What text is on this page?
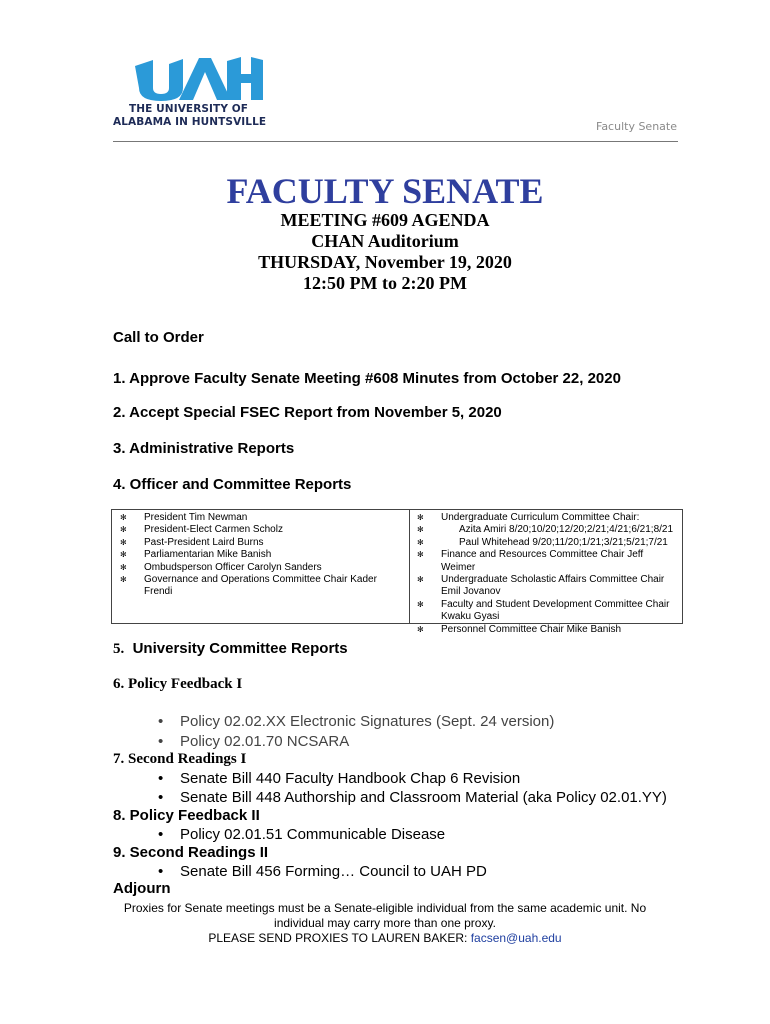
THE UNIVERSITY OF
ALABAMA IN HUNTSVILLE	Faculty Senate
FACULTY SENATE
MEETING #609 AGENDA
CHAN Auditorium
THURSDAY, November 19, 2020
12:50 PM to 2:20 PM
Call to Order
1. Approve Faculty Senate Meeting #608 Minutes from October 22, 2020
2. Accept Special FSEC Report from November 5, 2020
3. Administrative Reports
4. Officer and Committee Reports
✻ President Tim Newman
✻ President-Elect Carmen Scholz
✻ Past-President Laird Burns
✻ Parliamentarian Mike Banish
✻ Ombudsperson Officer Carolyn Sanders
✻ Governance and Operations Committee Chair Kader Frendi
✻ Undergraduate Curriculum Committee Chair:
✻	Azita Amiri 8/20;10/20;12/20;2/21;4/21;6/21;8/21
✻	Paul Whitehead 9/20;11/20;1/21;3/21;5/21;7/21
✻ Finance and Resources Committee Chair Jeff Weimer
✻ Undergraduate Scholastic Affairs Committee Chair Emil Jovanov
✻ Faculty and Student Development Committee Chair Kwaku Gyasi
✻ Personnel Committee Chair Mike Banish
5. University Committee Reports
6. Policy Feedback I
• Policy 02.02.XX Electronic Signatures (Sept. 24 version)
• Policy 02.01.70 NCSARA
7. Second Readings I
• Senate Bill 440 Faculty Handbook Chap 6 Revision
• Senate Bill 448 Authorship and Classroom Material (aka Policy 02.01.YY)
8. Policy Feedback II
• Policy 02.01.51 Communicable Disease
9. Second Readings II
• Senate Bill 456 Forming… Council to UAH PD
Adjourn
Proxies for Senate meetings must be a Senate-eligible individual from the same academic unit. No
individual may carry more than one proxy.
PLEASE SEND PROXIES TO LAUREN BAKER: facsen@uah.edu
